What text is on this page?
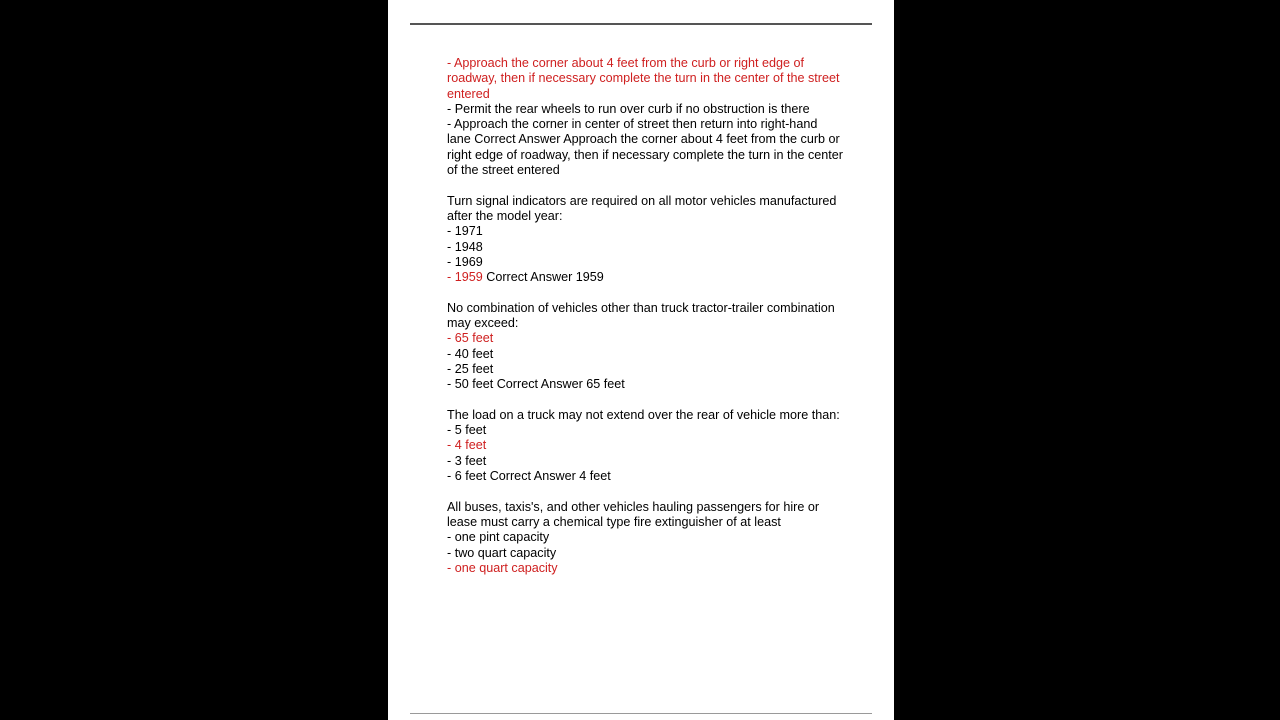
- Approach the corner about 4 feet from the curb or right edge of roadway, then if necessary complete the turn in the center of the street entered

- Permit the rear wheels to run over curb if no obstruction is there

- Approach the corner in center of street then return into right-hand lane Correct Answer Approach the corner about 4 feet from the curb or right edge of roadway, then if necessary complete the turn in the center of the street entered

Turn signal indicators are required on all motor vehicles manufactured after the model year:

- 1971

- 1948

- 1969

- 1959 Correct Answer 1959

No combination of vehicles other than truck tractor-trailer combination may exceed:

- 65 feet

- 40 feet

- 25 feet

- 50 feet Correct Answer 65 feet

The load on a truck may not extend over the rear of vehicle more than:

- 5 feet

- 4 feet

- 3 feet

- 6 feet Correct Answer 4 feet

All buses, taxis's, and other vehicles hauling passengers for hire or lease must carry a chemical type fire extinguisher of at least

- one pint capacity

- two quart capacity

- one quart capacity
